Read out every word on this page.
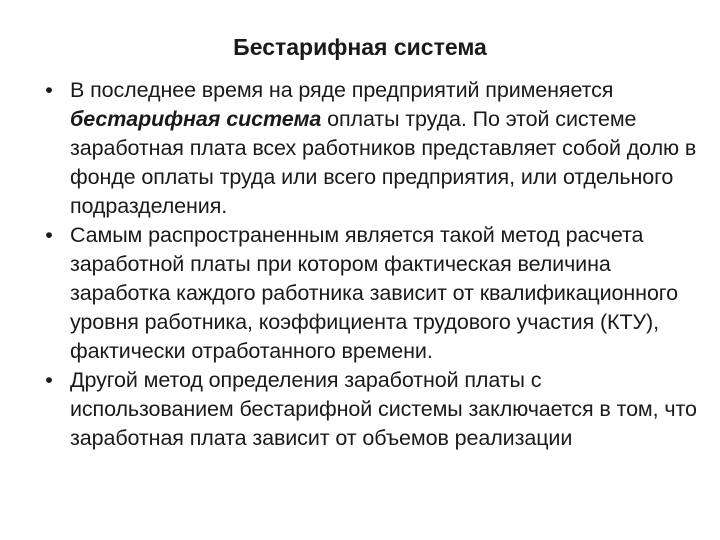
Бестарифная система
• В последнее время на ряде предприятий применяется бестарифная система оплаты труда. По этой системе заработная плата всех работников представляет собой долю в фонде оплаты труда или всего предприятия, или отдельного подразделения.
• Самым распространенным является такой метод расчета заработной платы при котором фактическая величина заработка каждого работника зависит от квалификационного уровня работника, коэффициента трудового участия (КТУ), фактически отработанного времени.
• Другой метод определения заработной платы с использованием бестарифной системы заключается в том, что заработная плата зависит от объемов реализации
